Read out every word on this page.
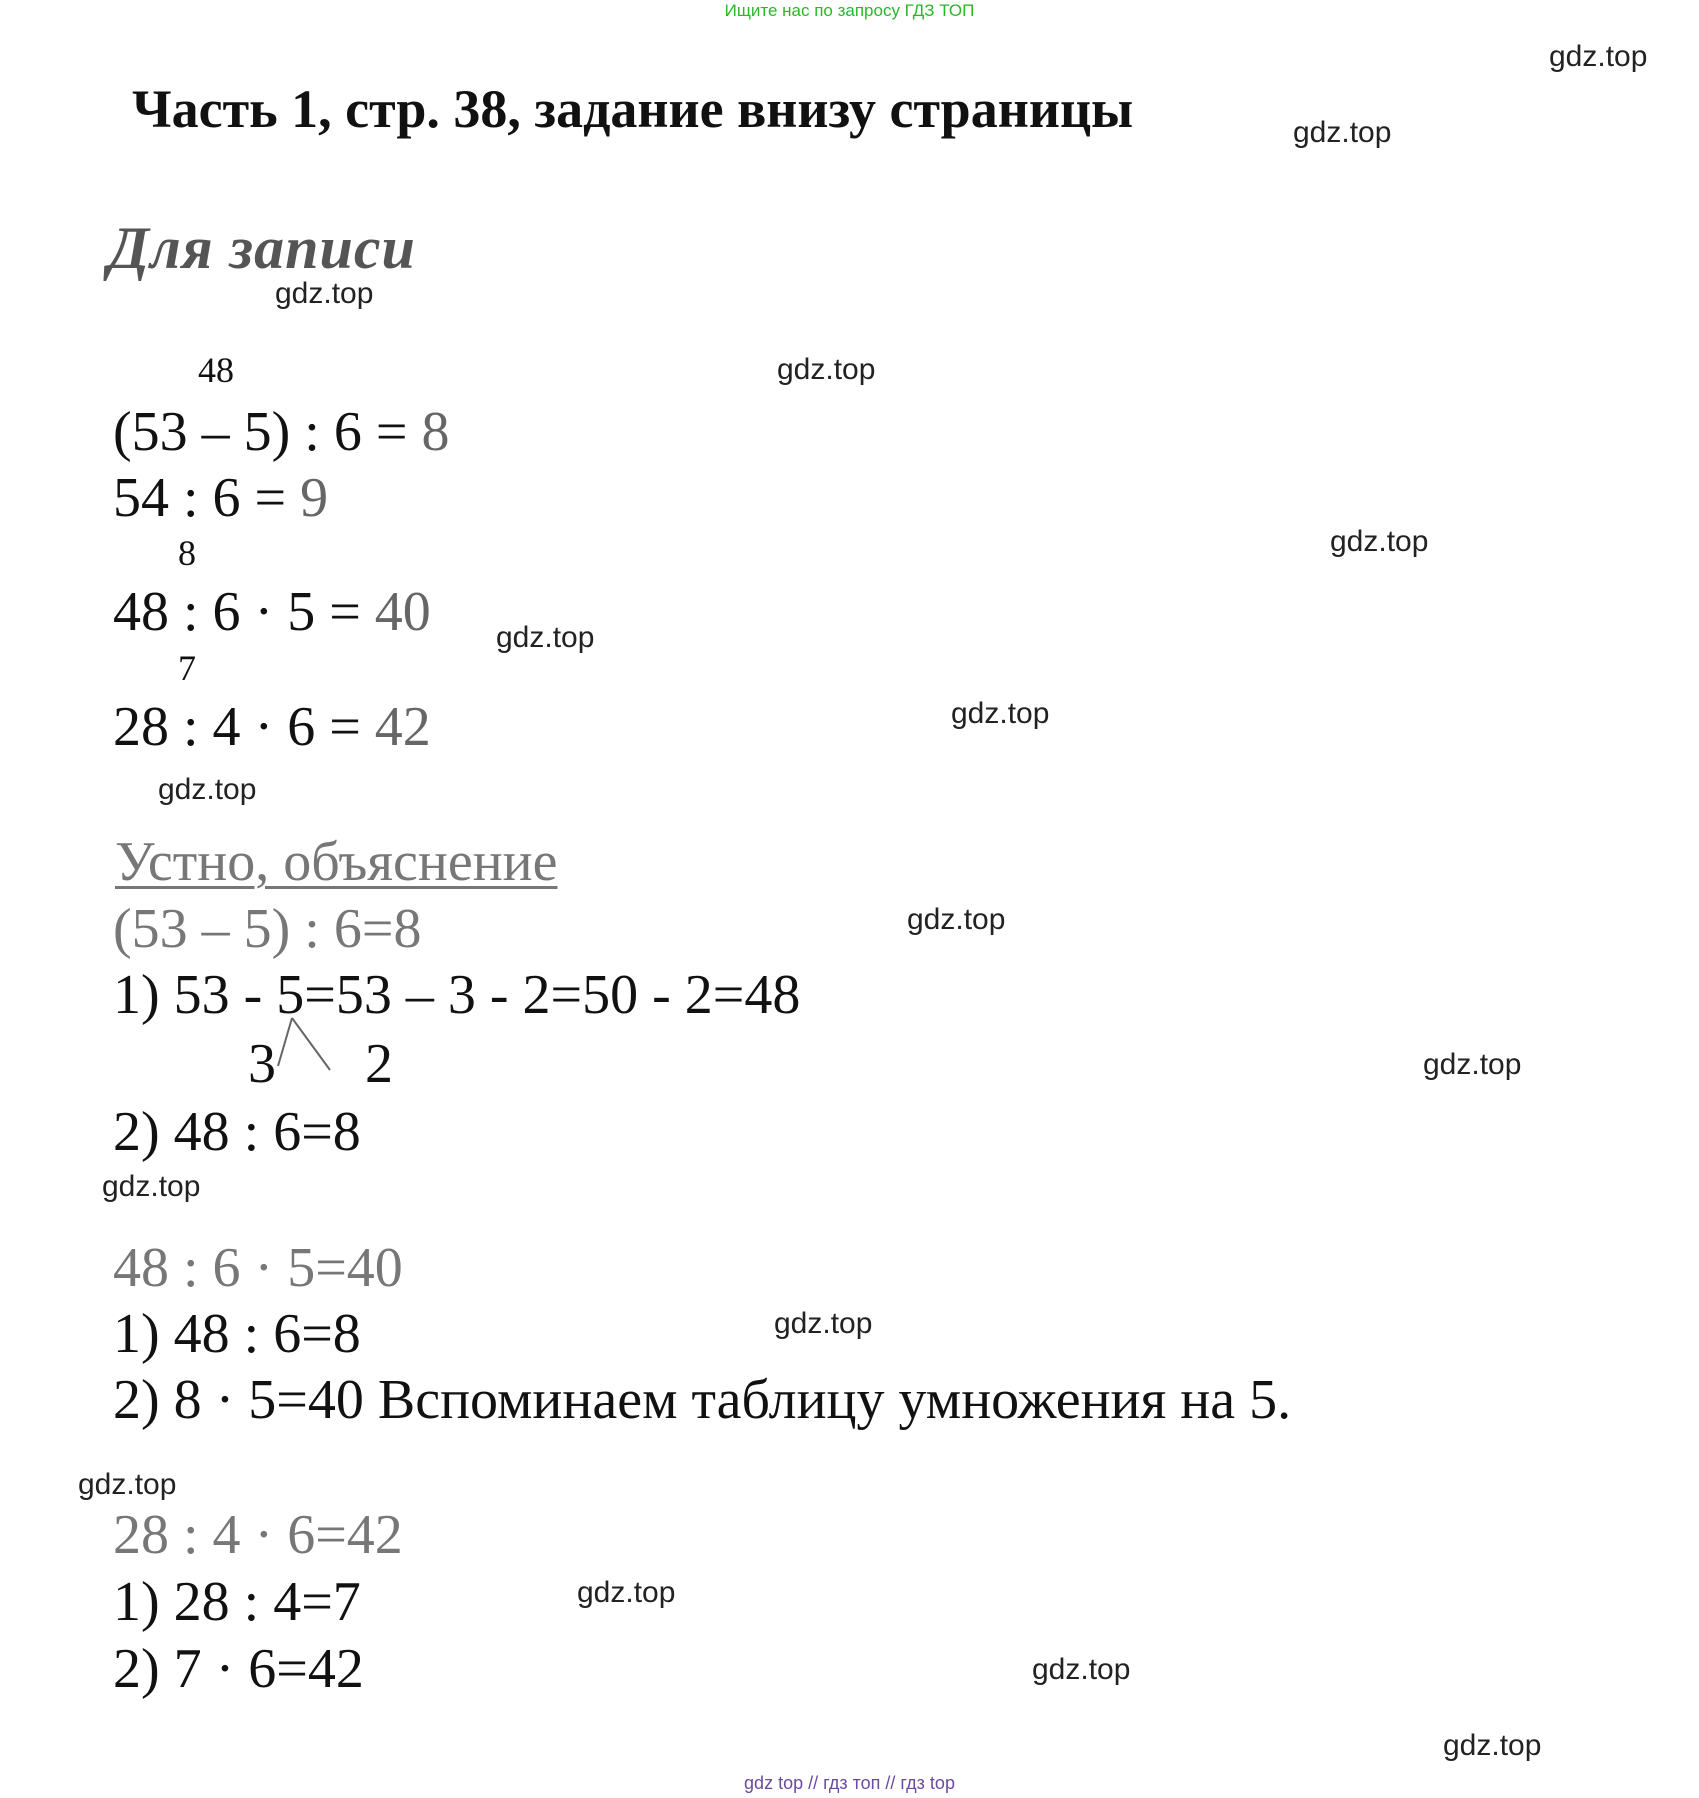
Ищите нас по запросу ГДЗ ТОП
Часть 1, стр. 38, задание внизу страницы
Для записи
48
(53 – 5) : 6 = 8
54 : 6 = 9
8
48 : 6 · 5 = 40
7
28 : 4 · 6 = 42
Устно, объяснение
(53 – 5) : 6=8
1) 53 - 5=53 – 3 - 2=50 - 2=48
3 2
2) 48 : 6=8
48 : 6 · 5=40
1) 48 : 6=8
2) 8 · 5=40 Вспоминаем таблицу умножения на 5.
28 : 4 · 6=42
1) 28 : 4=7
2) 7 · 6=42
gdz.top
gdz.top
gdz.top
gdz.top
gdz.top
gdz.top
gdz.top
gdz.top
gdz.top
gdz.top
gdz.top
gdz.top
gdz.top
gdz.top
gdz.top
gdz.top
gdz top // гдз топ // гдз top
